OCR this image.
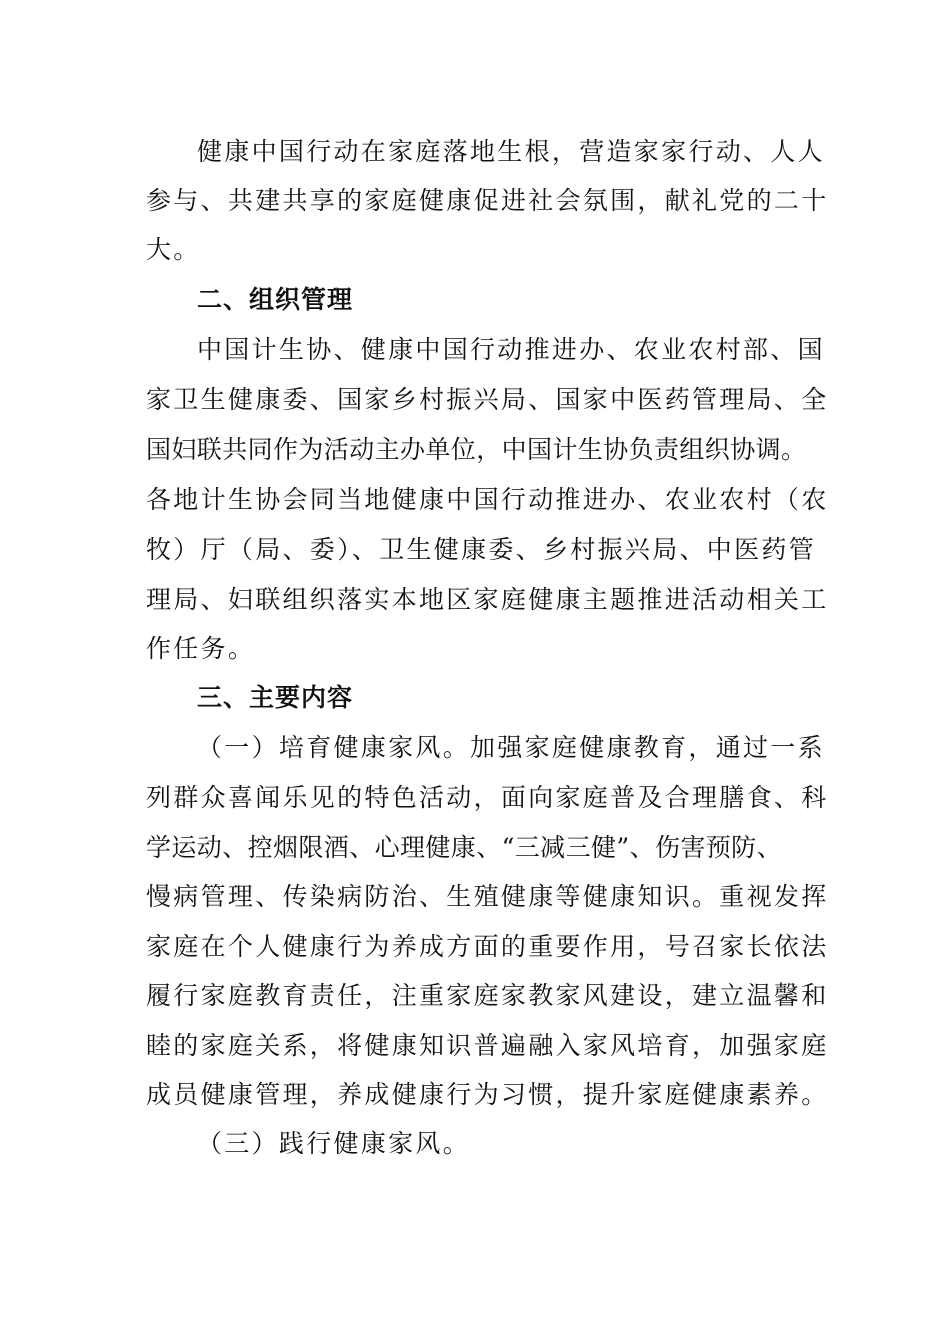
健康中国行动在家庭落地生根，营造家家行动、人人
参与、共建共享的家庭健康促进社会氛围，献礼党的二十
大。
二、组织管理
中国计生协、健康中国行动推进办、农业农村部、国
家卫生健康委、国家乡村振兴局、国家中医药管理局、全
国妇联共同作为活动主办单位，中国计生协负责组织协调。
各地计生协会同当地健康中国行动推进办、农业农村（农
牧）厅（局、委）、卫生健康委、乡村振兴局、中医药管
理局、妇联组织落实本地区家庭健康主题推进活动相关工
作任务。
三、主要内容
（一）培育健康家风。加强家庭健康教育，通过一系
列群众喜闻乐见的特色活动，面向家庭普及合理膳食、科
学运动、控烟限酒、心理健康、“三减三健”、伤害预防、
慢病管理、传染病防治、生殖健康等健康知识。重视发挥
家庭在个人健康行为养成方面的重要作用，号召家长依法
履行家庭教育责任，注重家庭家教家风建设，建立温馨和
睦的家庭关系，将健康知识普遍融入家风培育，加强家庭
成员健康管理，养成健康行为习惯，提升家庭健康素养。
（三）践行健康家风。
